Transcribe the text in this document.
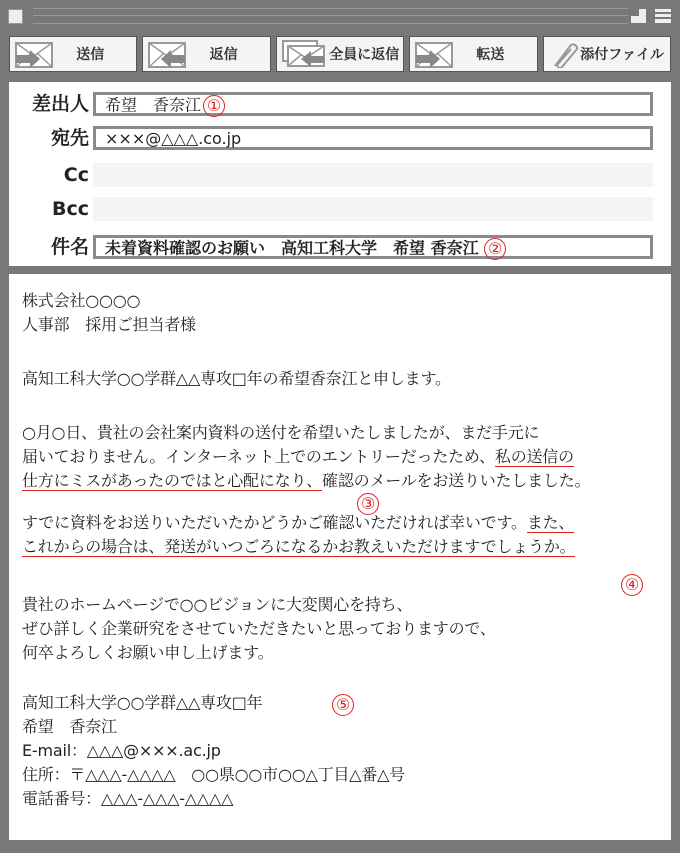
送信	返信	全員に返信	転送	添付ファイル
差出人	希望　香奈江 ①
宛先	×××@△△△.co.jp
Cc
Bcc
件名	未着資料確認のお願い　高知工科大学　希望 香奈江 ②
③
④
⑤
株式会社○○○○
人事部　採用ご担当者様
高知工科大学○○学群△△専攻□年の希望香奈江と申します。
○月○日、貴社の会社案内資料の送付を希望いたしましたが、まだ手元に
届いておりません。インターネット上でのエントリーだったため、私の送信の
仕方にミスがあったのではと心配になり、確認のメールをお送りいたしました。
すでに資料をお送りいただいたかどうかご確認いただければ幸いです。また、
これからの場合は、発送がいつごろになるかお教えいただけますでしょうか。
貴社のホームページで○○ビジョンに大変関心を持ち、
ぜひ詳しく企業研究をさせていただきたいと思っておりますので、
何卒よろしくお願い申し上げます。
高知工科大学○○学群△△専攻□年
希望　香奈江
E-mail：△△△@×××.ac.jp
住所：〒△△△-△△△△　○○県○○市○○△丁目△番△号
電話番号：△△△-△△△-△△△△
